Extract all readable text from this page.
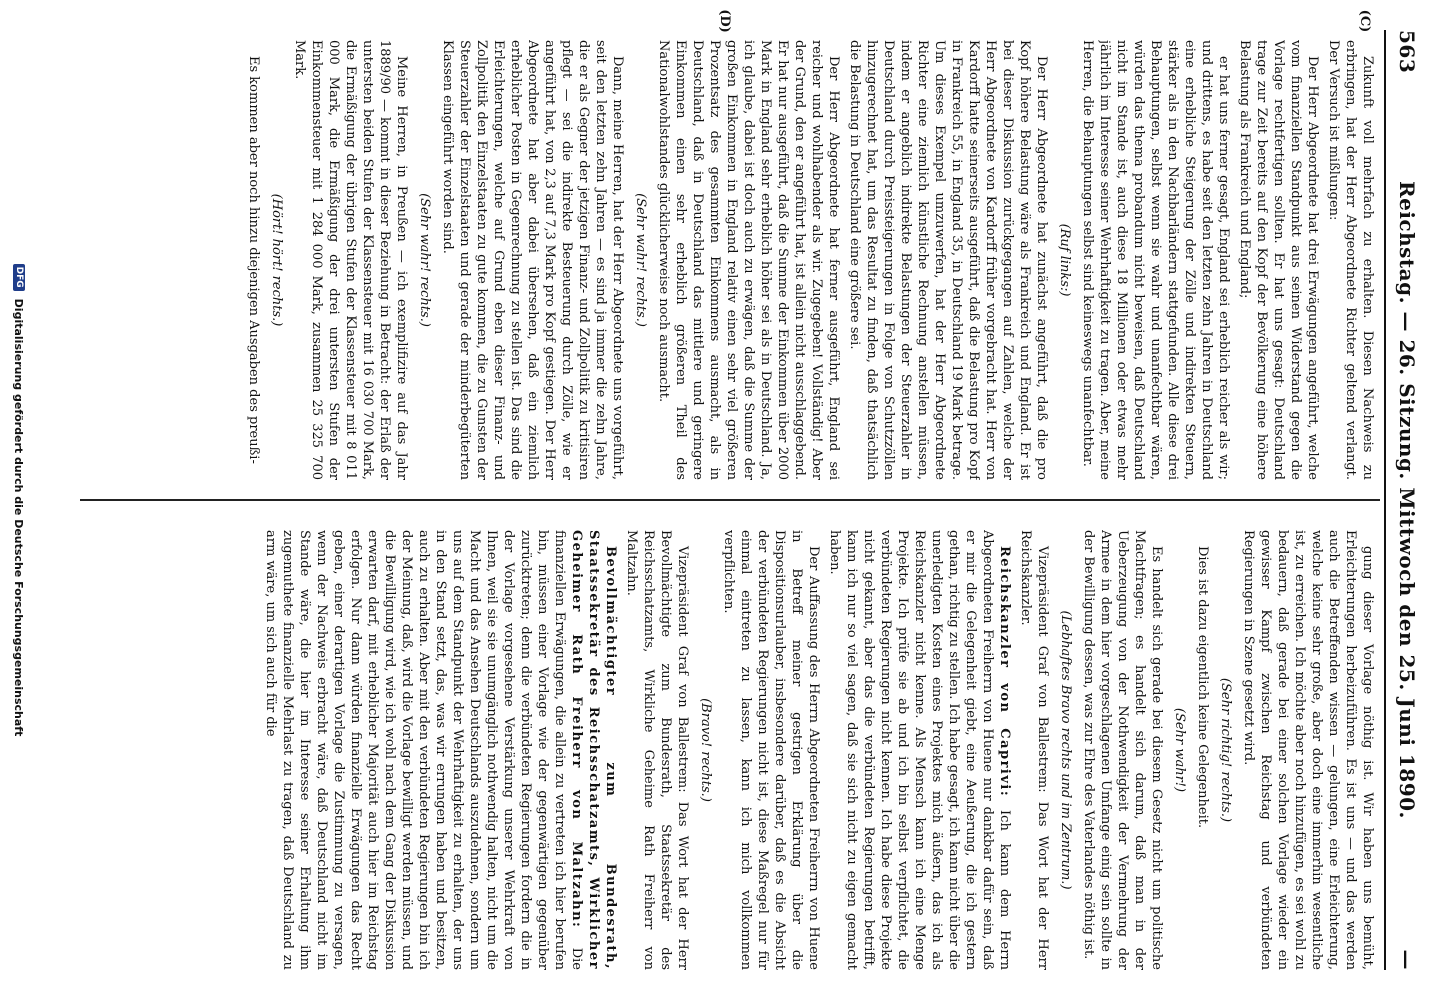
563
Reichstag. — 26. Sitzung. Mittwoch den 25. Juni 1890.
—
(C)
(D)

Zukunft voll mehrfach zu erhalten. Diesen Nachweis zu erbringen, hat der Herr Abgeordnete Richter geltend verlangt. Der Versuch ist mißlungen:

Der Herr Abgeordnete hat drei Erwägungen angeführt, welche vom finanziellen Standpunkt aus seinen Widerstand gegen die Vorlage rechtfertigen sollten. Er hat uns gesagt: Deutschland trage zur Zeit bereits auf den Kopf der Bevölkerung eine höhere Belastung als Frankreich und England;

er hat uns ferner gesagt, England sei erheblich reicher als wir; und drittens, es habe seit den letzten zehn Jahren in Deutschland eine erhebliche Steigerung der Zölle und indirekten Steuern, stärker als in den Nachbarländern stattgefunden. Alle diese drei Behauptungen, selbst wenn sie wahr und unanfechtbar wären, würden das thema probandum nicht beweisen, daß Deutschland nicht im Stande ist, auch diese 18 Millionen oder etwas mehr jährlich im Interesse seiner Wehrhaftigkeit zu tragen. Aber, meine Herren, die Behauptungen selbst sind keineswegs unanfechtbar.

(Ruf links:)

Der Herr Abgeordnete hat zunächst angeführt, daß die pro Kopf höhere Belastung wäre als Frankreich und England. Er ist bei dieser Diskussion zurückgegangen auf Zahlen, welche der Herr Abgeordnete von Kardorff früher vorgebracht hat. Herr von Kardorff hatte seinerseits ausgeführt, daß die Belastung pro Kopf in Frankreich 55, in England 35, in Deutschland 19 Mark betrage. Um dieses Exempel umzuwerfen, hat der Herr Abgeordnete Richter eine ziemlich künstliche Rechnung anstellen müssen, indem er angeblich indirekte Belastungen der Steuerzahler in Deutschland durch Preissteigerungen in Folge von Schutzzöllen hinzugerechnet hat, um das Resultat zu finden, daß thatsächlich die Belastung in Deutschland eine größere sei.

Der Herr Abgeordnete hat ferner ausgeführt, England sei reicher und wohlhabender als wir. Zugegeben! Vollständig! Aber der Grund, den er angeführt hat, ist allein nicht ausschlaggebend. Er hat nur ausgeführt, daß die Summe der Einkommen über 2000 Mark in England sehr erheblich höher sei als in Deutschland. Ja, ich glaube, dabei ist doch auch zu erwägen, daß die Summe der großen Einkommen in England relativ einen sehr viel größeren Prozentsatz des gesammten Einkommens ausmacht, als in Deutschland, daß in Deutschland das mittlere und geringere Einkommen einen sehr erheblich größeren Theil des Nationalwohlstandes glücklicherweise noch ausmacht.

(Sehr wahr! rechts.)

Dann, meine Herren, hat der Herr Abgeordnete uns vorgeführt, seit den letzten zehn Jahren — es sind ja immer die zehn Jahre, die er als Gegner der jetzigen Finanz- und Zollpolitik zu kritisiren pflegt — sei die indirekte Besteuerung durch Zölle, wie er angeführt hat, von 2,3 auf 7,3 Mark pro Kopf gestiegen. Der Herr Abgeordnete hat aber dabei übersehen, daß ein ziemlich erheblicher Posten in Gegenrechnung zu stellen ist. Das sind die Erleichterungen, welche auf Grund eben dieser Finanz- und Zollpolitik den Einzelstaaten zu gute kommen, die zu Gunsten der Steuerzahler der Einzelstaaten und gerade der minderbegüterten Klassen eingeführt worden sind.

(Sehr wahr! rechts.)

Meine Herren, in Preußen — ich exemplifizire auf das Jahr 1889/90 — kommt in dieser Beziehung in Betracht: der Erlaß der untersten beiden Stufen der Klassensteuer mit 16 030 700 Mark, die Ermäßigung der übrigen Stufen der Klassensteuer mit 8 011 000 Mark, die Ermäßigung der drei untersten Stufen der Einkommensteuer mit 1 284 000 Mark, zusammen 25 325 700 Mark.

(Hört! hört! rechts.)

Es kommen aber noch hinzu diejenigen Ausgaben des preußi-

gung dieser Vorlage nöthig ist. Wir haben uns bemüht, Erleichterungen herbeizuführen. Es ist uns — und das werden auch die Betreffenden wissen — gelungen, eine Erleichterung, welche keine sehr große, aber doch eine immerhin wesentliche ist, zu erreichen. Ich möchte aber noch hinzufügen, es sei wohl zu bedauern, daß gerade bei einer solchen Vorlage wieder ein gewisser Kampf zwischen Reichstag und verbündeten Regierungen in Szene gesetzt wird.

(Sehr richtig! rechts.)

Dies ist dazu eigentlich keine Gelegenheit.

(Sehr wahr!)

Es handelt sich gerade bei diesem Gesetz nicht um politische Machtfragen; es handelt sich darum, daß man in der Ueberzeugung von der Nothwendigkeit der Vermehrung der Armee in dem hier vorgeschlagenen Umfange einig sein sollte in der Bewilligung dessen, was zur Ehre des Vaterlandes nöthig ist.

(Lebhaftes Bravo rechts und im Zentrum.)

Vizepräsident Graf von Ballestrem: Das Wort hat der Herr Reichskanzler.

Reichskanzler von Caprivi: Ich kann dem Herrn Abgeordneten Freiherrn von Huene nur dankbar dafür sein, daß er mir die Gelegenheit giebt, eine Aeußerung, die ich gestern gethan, richtig zu stellen. Ich habe gesagt, ich kann nicht über die unerledigten Kosten eines Projektes mich äußern, das ich als Reichskanzler nicht kenne. Als Mensch kann ich eine Menge Projekte. Ich prüfe sie ab und ich bin selbst verpflichtet, die verbündeten Regierungen nicht kennen. Ich habe diese Projekte nicht gekannt, aber das die verbündeten Regierungen betrifft, kann ich nur so viel sagen, daß sie sich nicht zu eigen gemacht haben.

Der Auffassung des Herrn Abgeordneten Freiherrn von Huene in Betreff meiner gestrigen Erklärung über die Dispositionsurlauber, insbesondere darüber, daß es die Absicht der verbündeten Regierungen nicht ist, diese Maßregel nur für einmal eintreten zu lassen, kann ich mich vollkommen verpflichten.

(Bravo! rechts.)

Vizepräsident Graf von Ballestrem: Das Wort hat der Herr Bevollmächtigte zum Bundesrath, Staatssekretär des Reichsschatzamts, Wirkliche Geheime Rath Freiherr von Maltzahn.

Bevollmächtigter zum Bundesrath, Staatssekretär des Reichsschatzamts, Wirklicher Geheimer Rath Freiherr von Maltzahn: Die finanziellen Erwägungen, die allein zu vertreten ich hier berufen bin, müssen einer Vorlage wie der gegenwärtigen gegenüber zurücktreten; denn die verbündeten Regierungen fordern die in der Vorlage vorgesehene Verstärkung unserer Wehrkraft von Ihnen, weil sie sie unumgänglich nothwendig halten, nicht um die Macht und das Ansehen Deutschlands auszudehnen, sondern um uns auf dem Standpunkt der Wehrhaftigkeit zu erhalten, der uns in den Stand setzt, das, was wir errungen haben und besitzen, auch zu erhalten. Aber mit den verbündeten Regierungen bin ich der Meinung, daß, wird die Vorlage bewilligt werden müssen, und die Bewilligung wird, wie ich wohl nach dem Gang der Diskussion erwarten darf, mit erheblicher Majorität auch hier im Reichstag erfolgen. Nur dann würden finanzielle Erwägungen das Recht geben, einer derartigen Vorlage die Zustimmung zu versagen, wenn der Nachweis erbracht wäre, daß Deutschland nicht im Stande wäre, die hier im Interesse seiner Erhaltung ihm zugemuthete finanzielle Mehrlast zu tragen, daß Deutschland zu arm wäre, um sich auch für die

DFG
Digitalisierung gefördert durch die Deutsche Forschungsgemeinschaft
